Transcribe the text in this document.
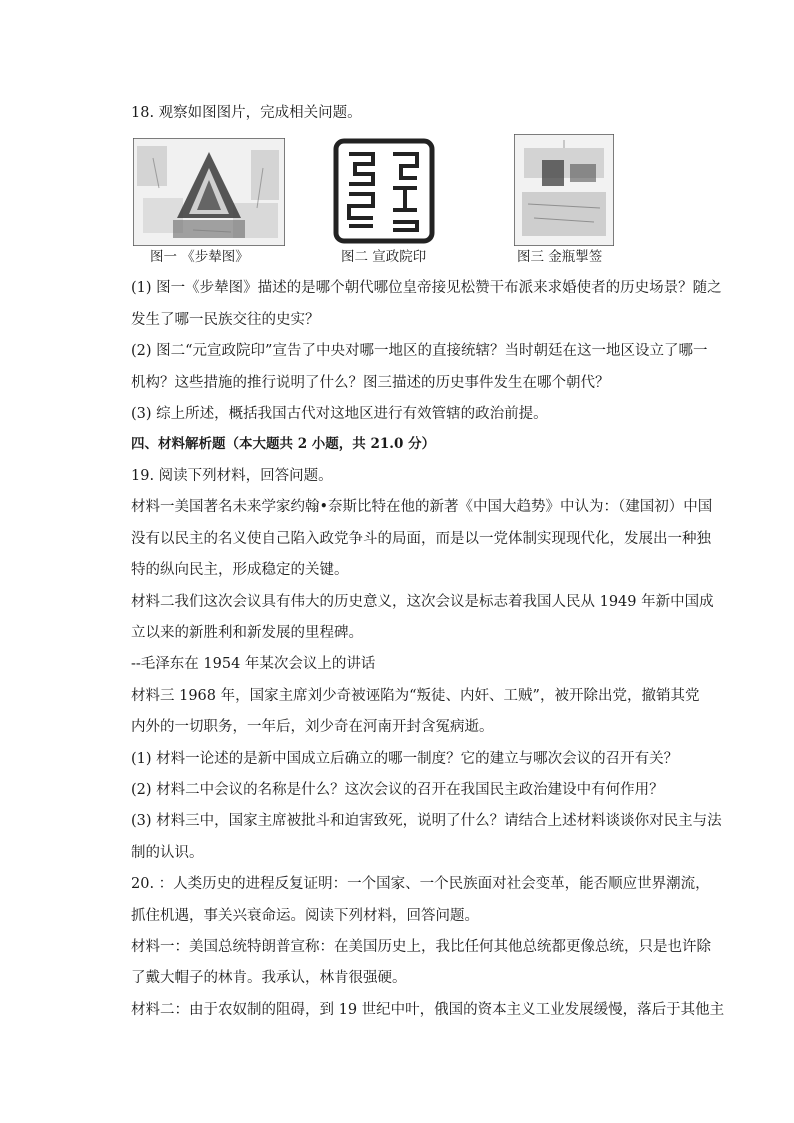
18. 观察如图图片，完成相关问题。
图一 《步辇图》	图二 宣政院印	图三 金瓶掣签
(1) 图一《步辇图》描述的是哪个朝代哪位皇帝接见松赞干布派来求婚使者的历史场景？随之
发生了哪一民族交往的史实？
(2) 图二“元宣政院印”宣告了中央对哪一地区的直接统辖？当时朝廷在这一地区设立了哪一
机构？这些措施的推行说明了什么？图三描述的历史事件发生在哪个朝代？
(3) 综上所述，概括我国古代对这地区进行有效管辖的政治前提。
四、材料解析题（本大题共 2 小题，共 21.0 分）
19. 阅读下列材料，回答问题。
材料一美国著名未来学家约翰•奈斯比特在他的新著《中国大趋势》中认为：（建国初）中国
没有以民主的名义使自己陷入政党争斗的局面，而是以一党体制实现现代化，发展出一种独
特的纵向民主，形成稳定的关键。
材料二我们这次会议具有伟大的历史意义，这次会议是标志着我国人民从 1949 年新中国成
立以来的新胜利和新发展的里程碑。
--毛泽东在 1954 年某次会议上的讲话
材料三 1968 年，国家主席刘少奇被诬陷为“叛徒、内奸、工贼”，被开除出党，撤销其党
内外的一切职务，一年后，刘少奇在河南开封含冤病逝。
(1) 材料一论述的是新中国成立后确立的哪一制度？它的建立与哪次会议的召开有关？
(2) 材料二中会议的名称是什么？这次会议的召开在我国民主政治建设中有何作用？
(3) 材料三中，国家主席被批斗和迫害致死，说明了什么？请结合上述材料谈谈你对民主与法
制的认识。
20. ：人类历史的进程反复证明：一个国家、一个民族面对社会变革，能否顺应世界潮流，
抓住机遇，事关兴衰命运。阅读下列材料，回答问题。
材料一：美国总统特朗普宣称：在美国历史上，我比任何其他总统都更像总统，只是也许除
了戴大帽子的林肯。我承认，林肯很强硬。
材料二：由于农奴制的阻碍，到 19 世纪中叶，俄国的资本主义工业发展缓慢，落后于其他主
